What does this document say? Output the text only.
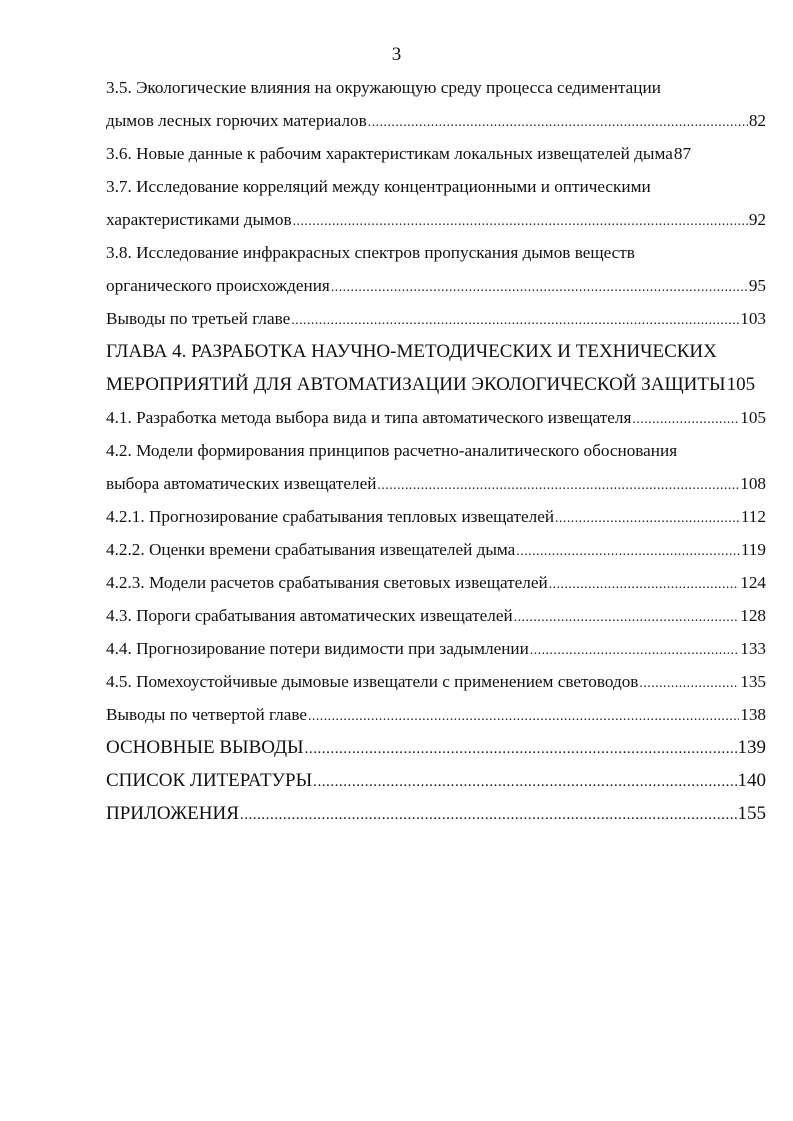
3
3.5. Экологические влияния на окружающую среду процесса седиментации
дымов лесных горючих материалов .....	82
3.6. Новые данные к рабочим характеристикам локальных извещателей дыма 87
3.7. Исследование корреляций между концентрационными и оптическими
характеристиками дымов .....	92
3.8. Исследование инфракрасных спектров пропускания дымов веществ
органического происхождения .....	95
Выводы по третьей главе .....	103
ГЛАВА 4. РАЗРАБОТКА НАУЧНО-МЕТОДИЧЕСКИХ И ТЕХНИЧЕСКИХ
МЕРОПРИЯТИЙ ДЛЯ АВТОМАТИЗАЦИИ ЭКОЛОГИЧЕСКОЙ ЗАЩИТЫ 105
4.1. Разработка метода выбора вида и типа автоматического извещателя .....	105
4.2. Модели формирования принципов расчетно-аналитического обоснования
выбора автоматических извещателей .....	108
4.2.1. Прогнозирование срабатывания тепловых извещателей .....	112
4.2.2. Оценки времени срабатывания извещателей дыма .....	119
4.2.3. Модели расчетов срабатывания световых извещателей .....	124
4.3. Пороги срабатывания автоматических извещателей .....	128
4.4. Прогнозирование потери видимости при задымлении .....	133
4.5. Помехоустойчивые дымовые извещатели с применением световодов .....	135
Выводы по четвертой главе .....	138
ОСНОВНЫЕ ВЫВОДЫ .....	139
СПИСОК ЛИТЕРАТУРЫ .....	140
ПРИЛОЖЕНИЯ .....	155
